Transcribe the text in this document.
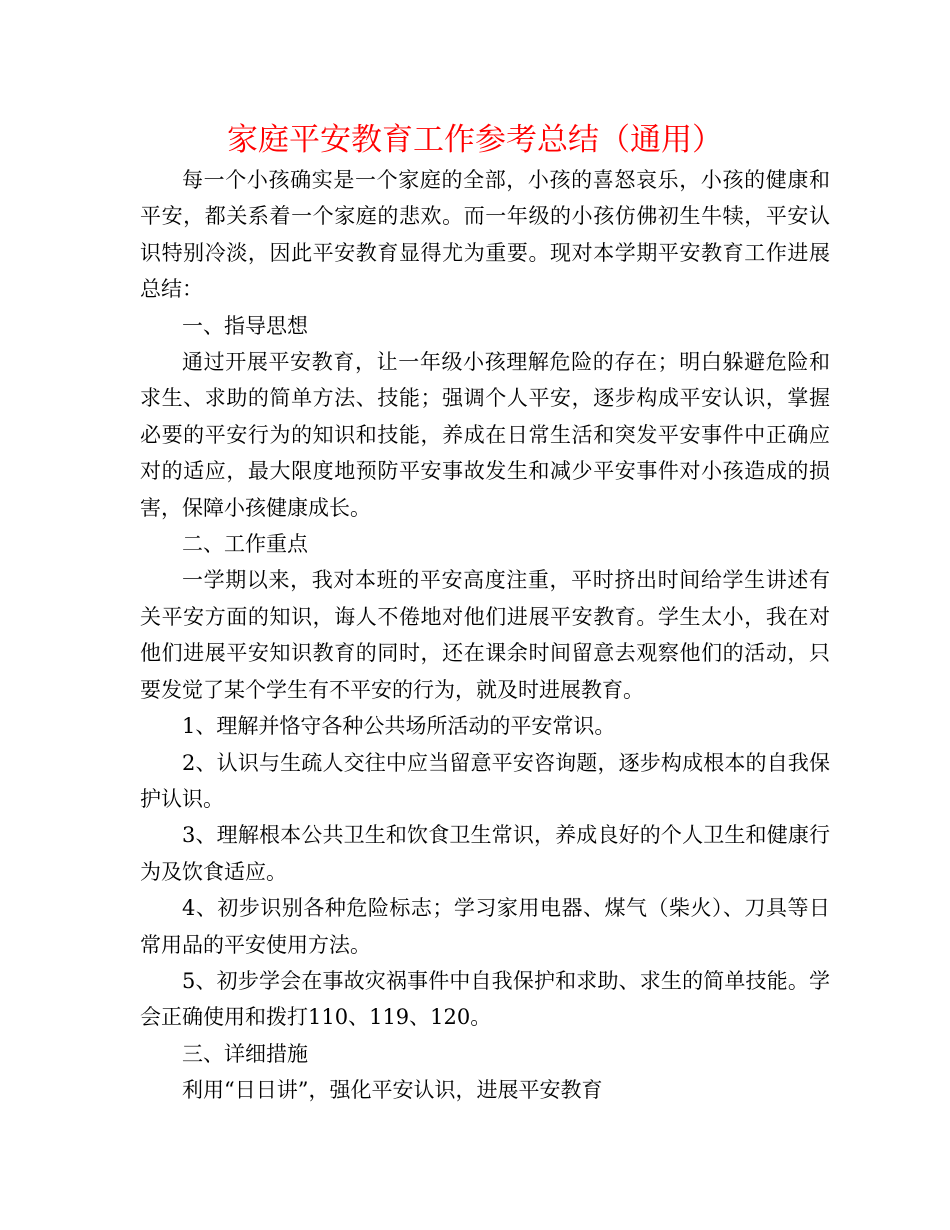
家庭平安教育工作参考总结（通用）

每一个小孩确实是一个家庭的全部，小孩的喜怒哀乐，小孩的健康和平安，都关系着一个家庭的悲欢。而一年级的小孩仿佛初生牛犊，平安认识特别冷淡，因此平安教育显得尤为重要。现对本学期平安教育工作进展总结：

一、指导思想

通过开展平安教育，让一年级小孩理解危险的存在；明白躲避危险和求生、求助的简单方法、技能；强调个人平安，逐步构成平安认识，掌握必要的平安行为的知识和技能，养成在日常生活和突发平安事件中正确应对的适应，最大限度地预防平安事故发生和减少平安事件对小孩造成的损害，保障小孩健康成长。

二、工作重点

一学期以来，我对本班的平安高度注重，平时挤出时间给学生讲述有关平安方面的知识，诲人不倦地对他们进展平安教育。学生太小，我在对他们进展平安知识教育的同时，还在课余时间留意去观察他们的活动，只要发觉了某个学生有不平安的行为，就及时进展教育。

1、理解并恪守各种公共场所活动的平安常识。

2、认识与生疏人交往中应当留意平安咨询题，逐步构成根本的自我保护认识。

3、理解根本公共卫生和饮食卫生常识，养成良好的个人卫生和健康行为及饮食适应。

4、初步识别各种危险标志；学习家用电器、煤气（柴火）、刀具等日常用品的平安使用方法。

5、初步学会在事故灾祸事件中自我保护和求助、求生的简单技能。学会正确使用和拨打110、119、120。

三、详细措施

利用“日日讲”，强化平安认识，进展平安教育
